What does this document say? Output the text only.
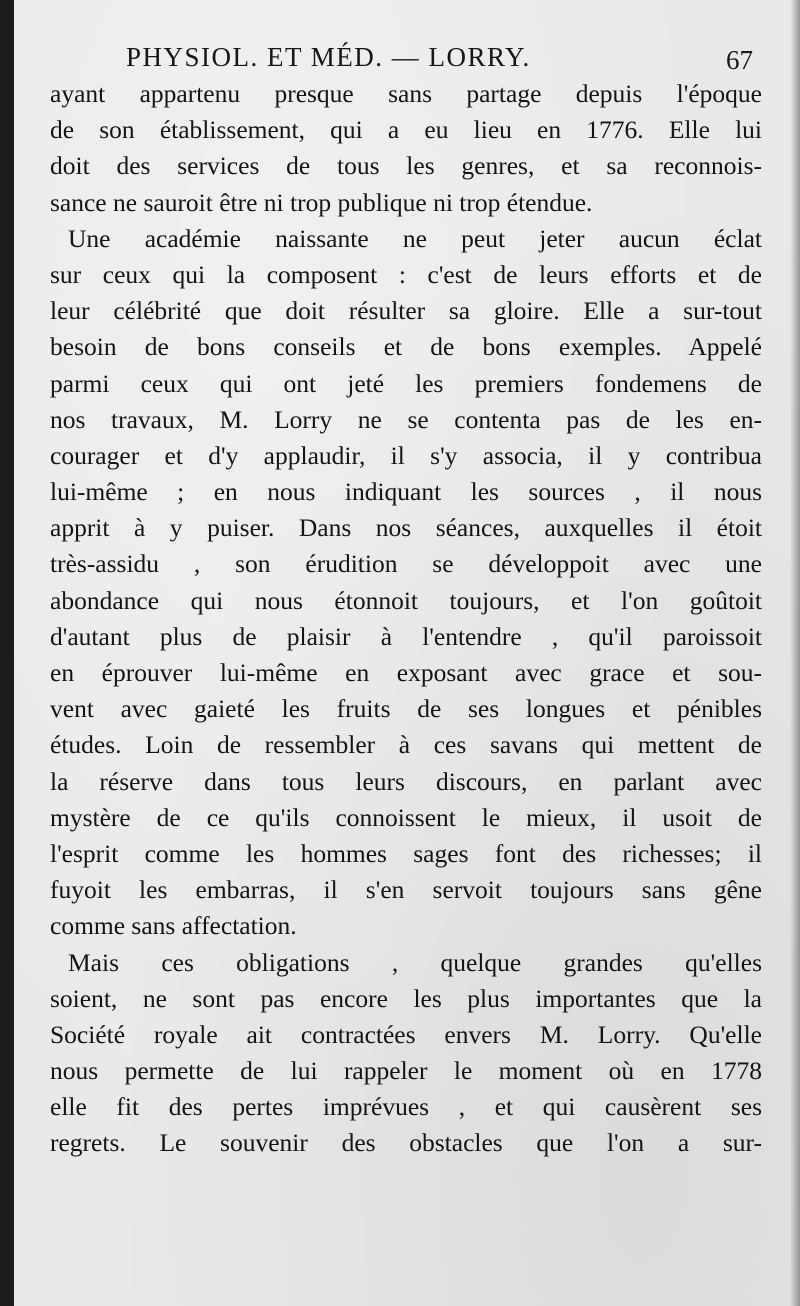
PHYSIOL. ET MÉD. — LORRY.	67
ayant appartenu presque sans partage depuis l'époque
de son établissement, qui a eu lieu en 1776. Elle lui
doit des services de tous les genres, et sa reconnois-
sance ne sauroit être ni trop publique ni trop étendue.
Une académie naissante ne peut jeter aucun éclat
sur ceux qui la composent : c'est de leurs efforts et de
leur célébrité que doit résulter sa gloire. Elle a sur-tout
besoin de bons conseils et de bons exemples. Appelé
parmi ceux qui ont jeté les premiers fondemens de
nos travaux, M. Lorry ne se contenta pas de les en-
courager et d'y applaudir, il s'y associa, il y contribua
lui-même ; en nous indiquant les sources , il nous
apprit à y puiser. Dans nos séances, auxquelles il étoit
très-assidu , son érudition se développoit avec une
abondance qui nous étonnoit toujours, et l'on goûtoit
d'autant plus de plaisir à l'entendre , qu'il paroissoit
en éprouver lui-même en exposant avec grace et sou-
vent avec gaieté les fruits de ses longues et pénibles
études. Loin de ressembler à ces savans qui mettent de
la réserve dans tous leurs discours, en parlant avec
mystère de ce qu'ils connoissent le mieux, il usoit de
l'esprit comme les hommes sages font des richesses; il
fuyoit les embarras, il s'en servoit toujours sans gêne
comme sans affectation.
Mais ces obligations , quelque grandes qu'elles
soient, ne sont pas encore les plus importantes que la
Société royale ait contractées envers M. Lorry. Qu'elle
nous permette de lui rappeler le moment où en 1778
elle fit des pertes imprévues , et qui causèrent ses
regrets. Le souvenir des obstacles que l'on a sur-
